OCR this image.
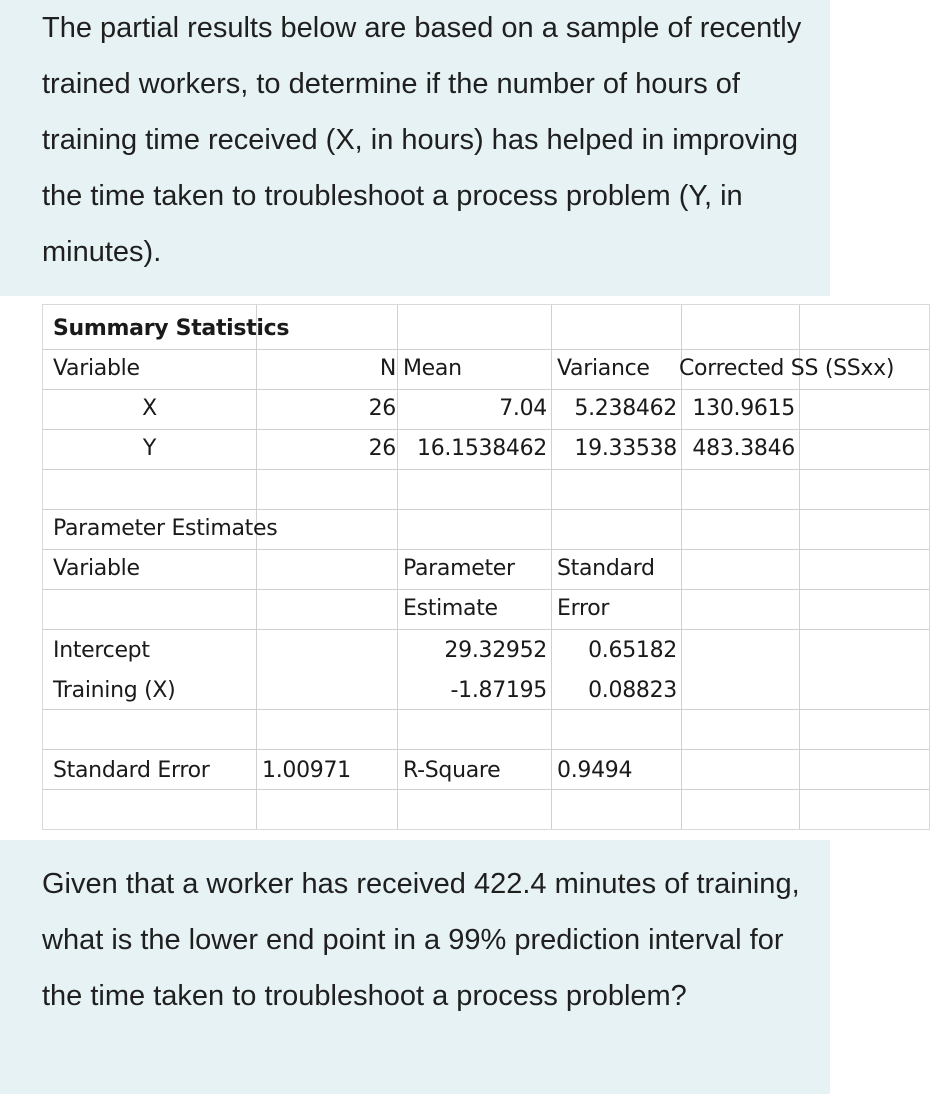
The partial results below are based on a sample of recently trained workers, to determine if the number of hours of training time received (X, in hours) has helped in improving the time taken to troubleshoot a process problem (Y, in minutes).

Summary Statistics
Variable	N Mean	Variance Corrected SS (SSxx)
X	26	7.04	5.238462 130.9615
Y	26 16.1538462	19.33538 483.3846
Parameter Estimates
Variable	Parameter Standard
Estimate	Error
Intercept	29.32952	0.65182
Training (X)	-1.87195	0.08823
Standard Error 1.00971 R-Square	0.9494

Given that a worker has received 422.4 minutes of training, what is the lower end point in a 99% prediction interval for the time taken to troubleshoot a process problem?
